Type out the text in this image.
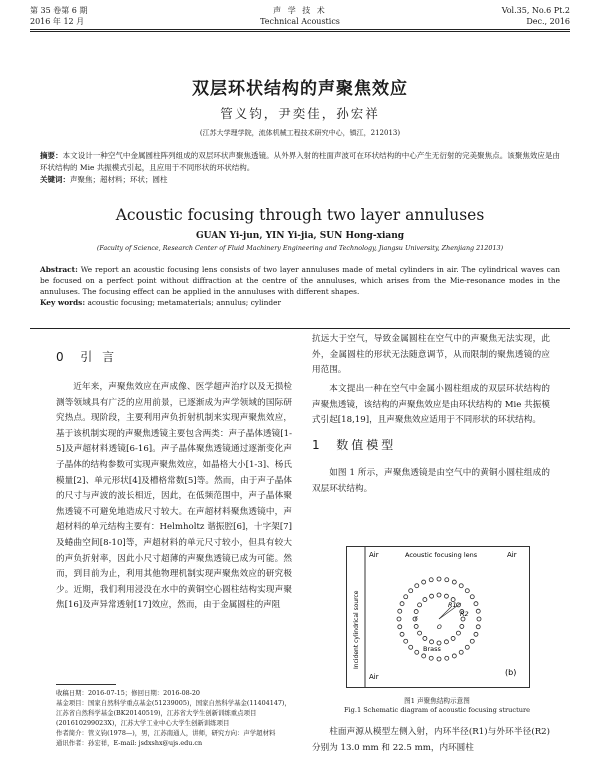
第 35 卷第 6 期
2016 年 12 月
声 学 技 术
Technical Acoustics
Vol.35, No.6 Pt.2
Dec., 2016
双层环状结构的声聚焦效应
管义钧，尹奕佳，孙宏祥
(江苏大学理学院，流体机械工程技术研究中心，镇江，212013)
摘要：本文设计一种空气中金属圆柱阵列组成的双层环状声聚焦透镜。从外界入射的柱面声波可在环状结构的中心产生无衍射的完美聚焦点。该聚焦效应是由环状结构的 Mie 共振模式引起，且应用于不同形状的环状结构。
关键词：声聚焦；超材料；环状；圆柱
Acoustic focusing through two layer annuluses
GUAN Yi-jun, YIN Yi-jia, SUN Hong-xiang
(Faculty of Science, Research Center of Fluid Machinery Engineering and Technology, Jiangsu University, Zhenjiang 212013)
Abstract: We report an acoustic focusing lens consists of two layer annuluses made of metal cylinders in air. The cylindrical waves can be focused on a perfect point without diffraction at the centre of the annuluses, which arises from the Mie-resonance modes in the annuluses. The focusing effect can be applied in the annuluses with different shapes.
Key words: acoustic focusing; metamaterials; annulus; cylinder
0 引 言
近年来，声聚焦效应在声成像、医学超声治疗以及无损检测等领域具有广泛的应用前景，已逐渐成为声学领域的国际研究热点。现阶段，主要利用声负折射机制来实现声聚焦效应，基于该机制实现的声聚焦透镜主要包含两类：声子晶体透镜[1-5]及声超材料透镜[6-16]。声子晶体聚焦透镜通过逐渐变化声子晶体的结构参数可实现声聚焦效应，如晶格大小[1-3]、杨氏模量[2]、单元形状[4]及槽格常数[5]等。然而，由于声子晶体的尺寸与声波的波长相近，因此，在低频范围中，声子晶体聚焦透镜不可避免地造成尺寸较大。在声超材料聚焦透镜中，声超材料的单元结构主要有：Helmholtz 谐振腔[6]，十字架[7]及蜷曲空间[8-10]等，声超材料的单元尺寸较小，但具有较大的声负折射率，因此小尺寸超薄的声聚焦透镜已成为可能。然而，到目前为止，利用其他物理机制实现声聚焦效应的研究极少。近期，我们利用浸没在水中的黄铜空心圆柱结构实现声聚焦[16]及声异常透射[17]效应，然而，由于金属圆柱的声阻
收稿日期：2016-07-15；修回日期：2016-08-20
基金项目：国家自然科学重点基金(51239005)，国家自然科学基金(11404147)，江苏省自然科学基金(BK20140519)，江苏省大学生创新训练重点项目(201610299023X)，江苏大学工业中心大学生创新训练项目
作者简介：管义钧(1978—)，男，江苏南通人，讲师，研究方向：声学超材料
通讯作者：孙宏祥，E-mail: jsdxshx@ujs.edu.cn
抗远大于空气，导致金属圆柱在空气中的声聚焦无法实现，此外，金属圆柱的形状无法随意调节，从而限制的聚焦透镜的应用范围。
本文提出一种在空气中金属小圆柱组成的双层环状结构的声聚焦透镜，该结构的声聚焦效应是由环状结构的 Mie 共振模式引起[18,19]，且声聚焦效应适用于不同形状的环状结构。
1 数值模型
如图 1 所示，声聚焦透镜是由空气中的黄铜小圆柱组成的双层环状结构。
Air	Air
Air
Acoustic focusing lens
Incident cylindrical source	R1
R2
r
O
Brass
(b)
图1 声聚焦结构示意图
Fig.1 Schematic diagram of acoustic focusing structure
柱面声源从模型左侧入射，内环半径(R1)与外环半径(R2)分别为 13.0 mm 和 22.5 mm，内环圆柱
